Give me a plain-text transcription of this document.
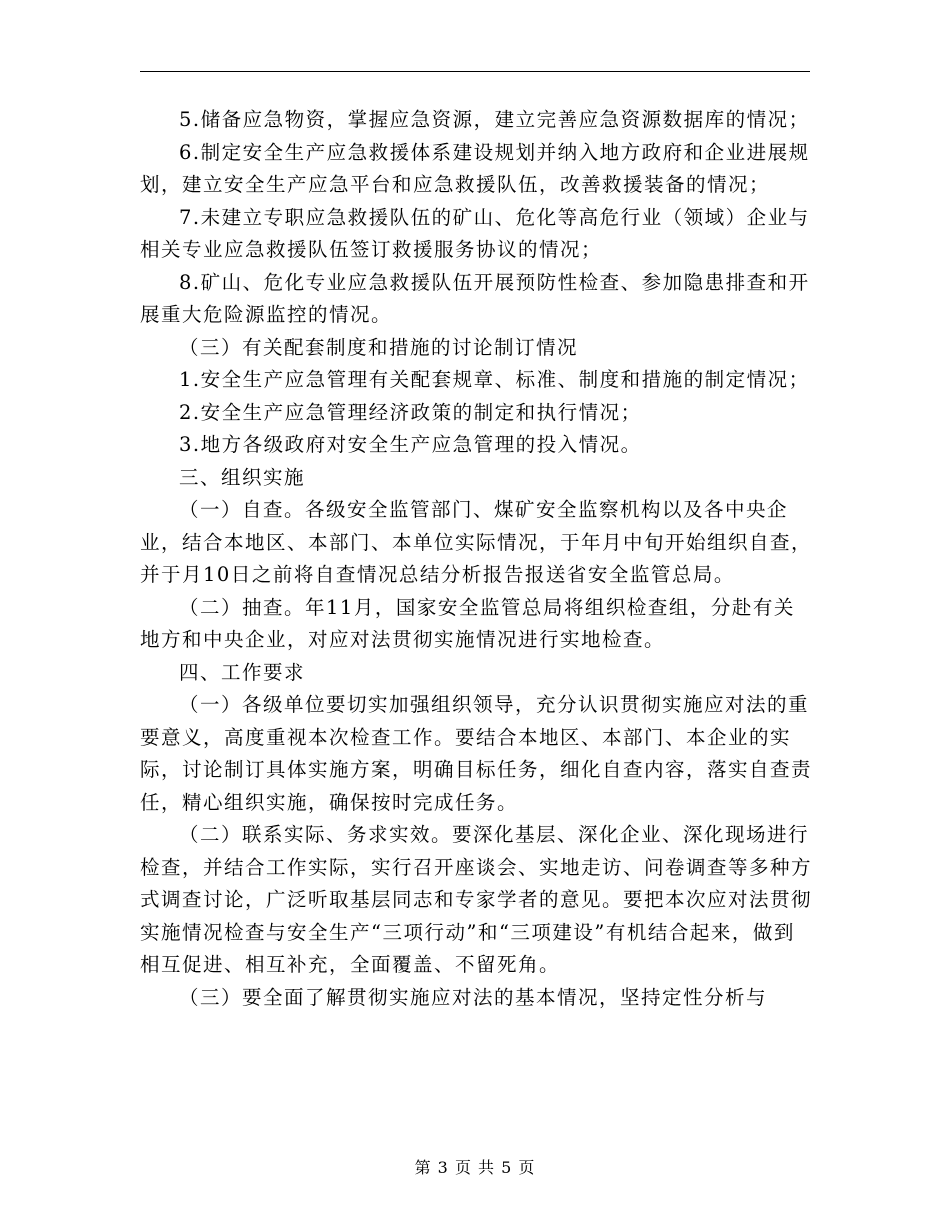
5.储备应急物资，掌握应急资源，建立完善应急资源数据库的情况；

6.制定安全生产应急救援体系建设规划并纳入地方政府和企业进展规划，建立安全生产应急平台和应急救援队伍，改善救援装备的情况；

7.未建立专职应急救援队伍的矿山、危化等高危行业（领域）企业与相关专业应急救援队伍签订救援服务协议的情况；

8.矿山、危化专业应急救援队伍开展预防性检查、参加隐患排查和开展重大危险源监控的情况。

（三）有关配套制度和措施的讨论制订情况

1.安全生产应急管理有关配套规章、标准、制度和措施的制定情况；

2.安全生产应急管理经济政策的制定和执行情况；

3.地方各级政府对安全生产应急管理的投入情况。

三、组织实施

（一）自查。各级安全监管部门、煤矿安全监察机构以及各中央企业，结合本地区、本部门、本单位实际情况，于年月中旬开始组织自查，并于月10日之前将自查情况总结分析报告报送省安全监管总局。

（二）抽查。年11月，国家安全监管总局将组织检查组，分赴有关地方和中央企业，对应对法贯彻实施情况进行实地检查。

四、工作要求

（一）各级单位要切实加强组织领导，充分认识贯彻实施应对法的重要意义，高度重视本次检查工作。要结合本地区、本部门、本企业的实际，讨论制订具体实施方案，明确目标任务，细化自查内容，落实自查责任，精心组织实施，确保按时完成任务。

（二）联系实际、务求实效。要深化基层、深化企业、深化现场进行检查，并结合工作实际，实行召开座谈会、实地走访、问卷调查等多种方式调查讨论，广泛听取基层同志和专家学者的意见。要把本次应对法贯彻实施情况检查与安全生产“三项行动”和“三项建设”有机结合起来，做到相互促进、相互补充，全面覆盖、不留死角。

（三）要全面了解贯彻实施应对法的基本情况，坚持定性分析与

第 3 页 共 5 页
